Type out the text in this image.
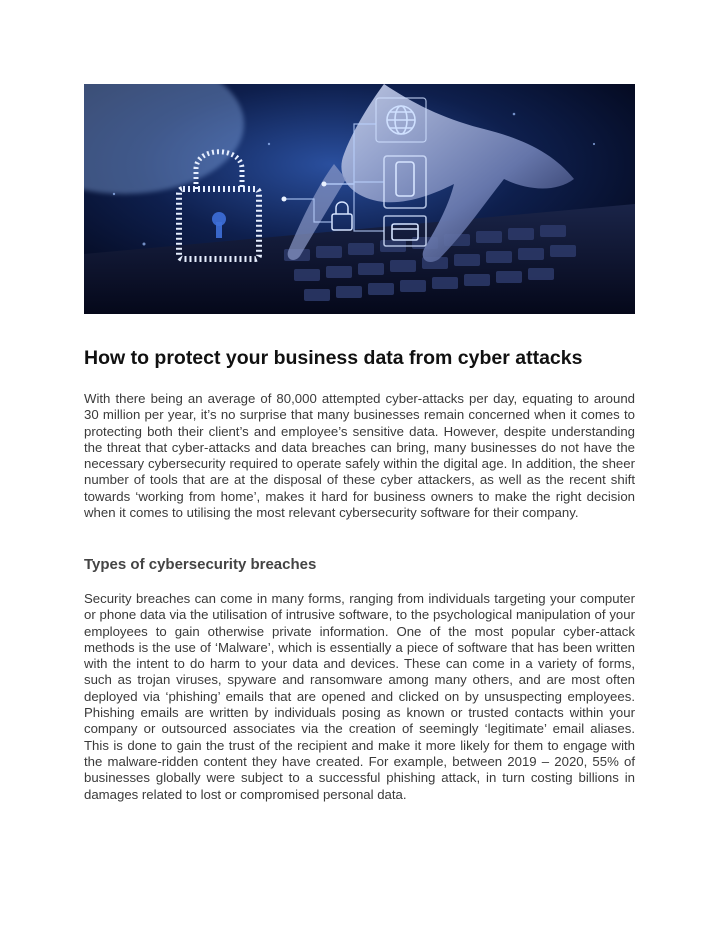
How to protect your business data from cyber attacks

With there being an average of 80,000 attempted cyber-attacks per day, equating to around 30 million per year, it’s no surprise that many businesses remain concerned when it comes to protecting both their client’s and employee’s sensitive data. However, despite understanding the threat that cyber-attacks and data breaches can bring, many businesses do not have the necessary cybersecurity required to operate safely within the digital age. In addition, the sheer number of tools that are at the disposal of these cyber attackers, as well as the recent shift towards ‘working from home’, makes it hard for business owners to make the right decision when it comes to utilising the most relevant cybersecurity software for their company.

Types of cybersecurity breaches

Security breaches can come in many forms, ranging from individuals targeting your computer or phone data via the utilisation of intrusive software, to the psychological manipulation of your employees to gain otherwise private information. One of the most popular cyber-attack methods is the use of ‘Malware’, which is essentially a piece of software that has been written with the intent to do harm to your data and devices. These can come in a variety of forms, such as trojan viruses, spyware and ransomware among many others, and are most often deployed via ‘phishing’ emails that are opened and clicked on by unsuspecting employees. Phishing emails are written by individuals posing as known or trusted contacts within your company or outsourced associates via the creation of seemingly ‘legitimate’ email aliases. This is done to gain the trust of the recipient and make it more likely for them to engage with the malware-ridden content they have created. For example, between 2019 – 2020, 55% of businesses globally were subject to a successful phishing attack, in turn costing billions in damages related to lost or compromised personal data.
